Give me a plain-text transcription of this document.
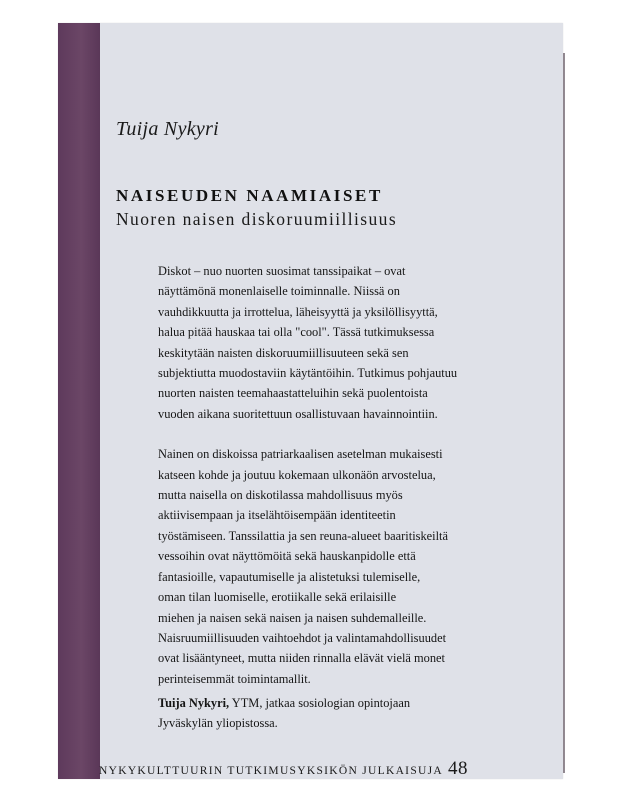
Tuija Nykyri
NAISEUDEN NAAMIAISET
Nuoren naisen diskoruumiillisuus

Diskot – nuo nuorten suosimat tanssipaikat – ovat
näyttämönä monenlaiselle toiminnalle. Niissä on
vauhdikkuutta ja irrottelua, läheisyyttä ja yksilöllisyyttä,
halua pitää hauskaa tai olla "cool". Tässä tutkimuksessa
keskitytään naisten diskoruumiillisuuteen sekä sen
subjektiutta muodostaviin käytäntöihin. Tutkimus pohjautuu
nuorten naisten teemahaastatteluihin sekä puolentoista
vuoden aikana suoritettuun osallistuvaan havainnointiin.

Nainen on diskoissa patriarkaalisen asetelman mukaisesti
katseen kohde ja joutuu kokemaan ulkonäön arvostelua,
mutta naisella on diskotilassa mahdollisuus myös
aktiivisempaan ja itselähtöisempään identiteetin
työstämiseen. Tanssilattia ja sen reuna-alueet baaritiskeiltä
vessoihin ovat näyttömöitä sekä hauskanpidolle että
fantasioille, vapautumiselle ja alistetuksi tulemiselle,
oman tilan luomiselle, erotiikalle sekä erilaisille
miehen ja naisen sekä naisen ja naisen suhdemalleille.
Naisruumiillisuuden vaihtoehdot ja valintamahdollisuudet
ovat lisääntyneet, mutta niiden rinnalla elävät vielä monet
perinteisemmät toimintamallit.

Tuija Nykyri, YTM, jatkaa sosiologian opintojaan
Jyväskylän yliopistossa.
NYKYKULTTUURIN TUTKIMUSYKSIKÖN JULKAISUJA 48
